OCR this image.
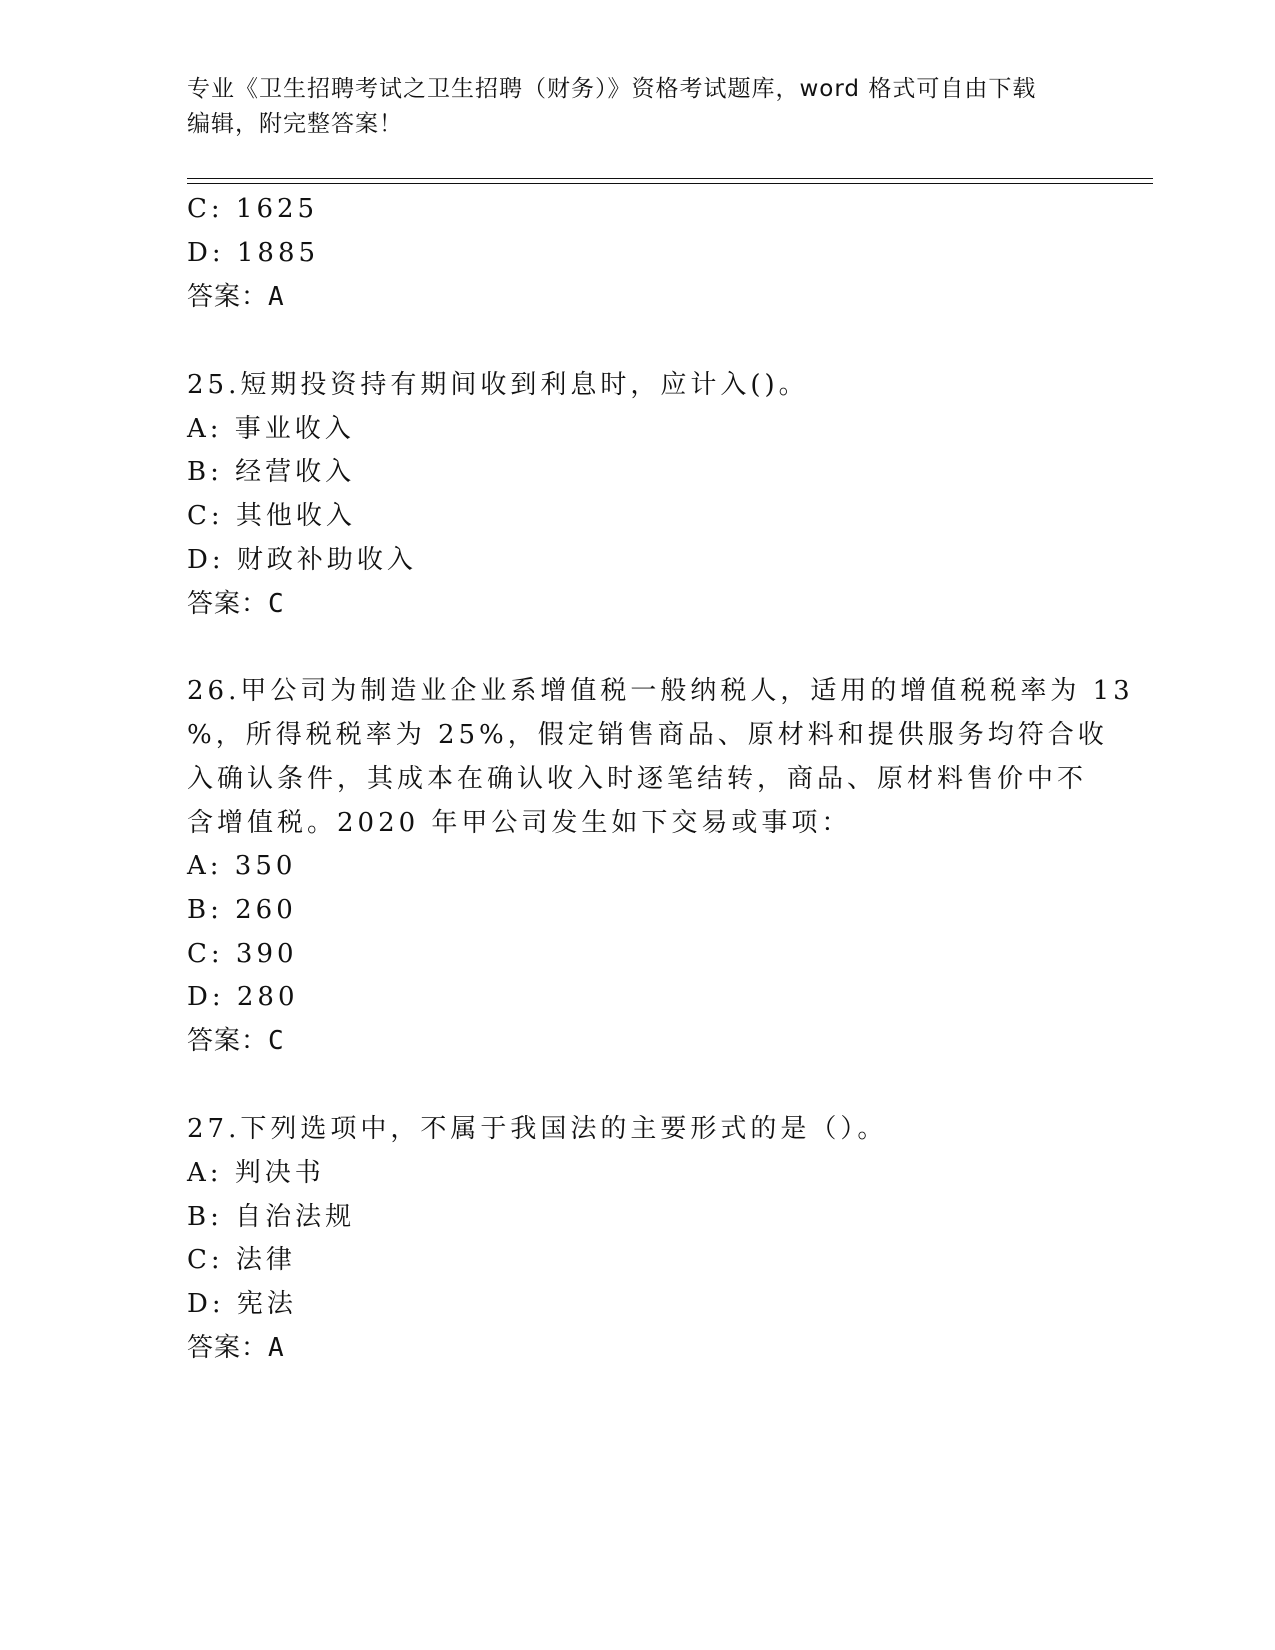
专业《卫生招聘考试之卫生招聘（财务）》资格考试题库，word 格式可自由下载
编辑，附完整答案！
C: 1625
D: 1885
答案：A
25.短期投资持有期间收到利息时，应计入()。
A: 事业收入
B: 经营收入
C: 其他收入
D: 财政补助收入
答案：C
26.甲公司为制造业企业系增值税一般纳税人，适用的增值税税率为 13
%，所得税税率为 25%，假定销售商品、原材料和提供服务均符合收
入确认条件，其成本在确认收入时逐笔结转，商品、原材料售价中不
含增值税。2020 年甲公司发生如下交易或事项：
A: 350
B: 260
C: 390
D: 280
答案：C
27.下列选项中，不属于我国法的主要形式的是（）。
A: 判决书
B: 自治法规
C: 法律
D: 宪法
答案：A
